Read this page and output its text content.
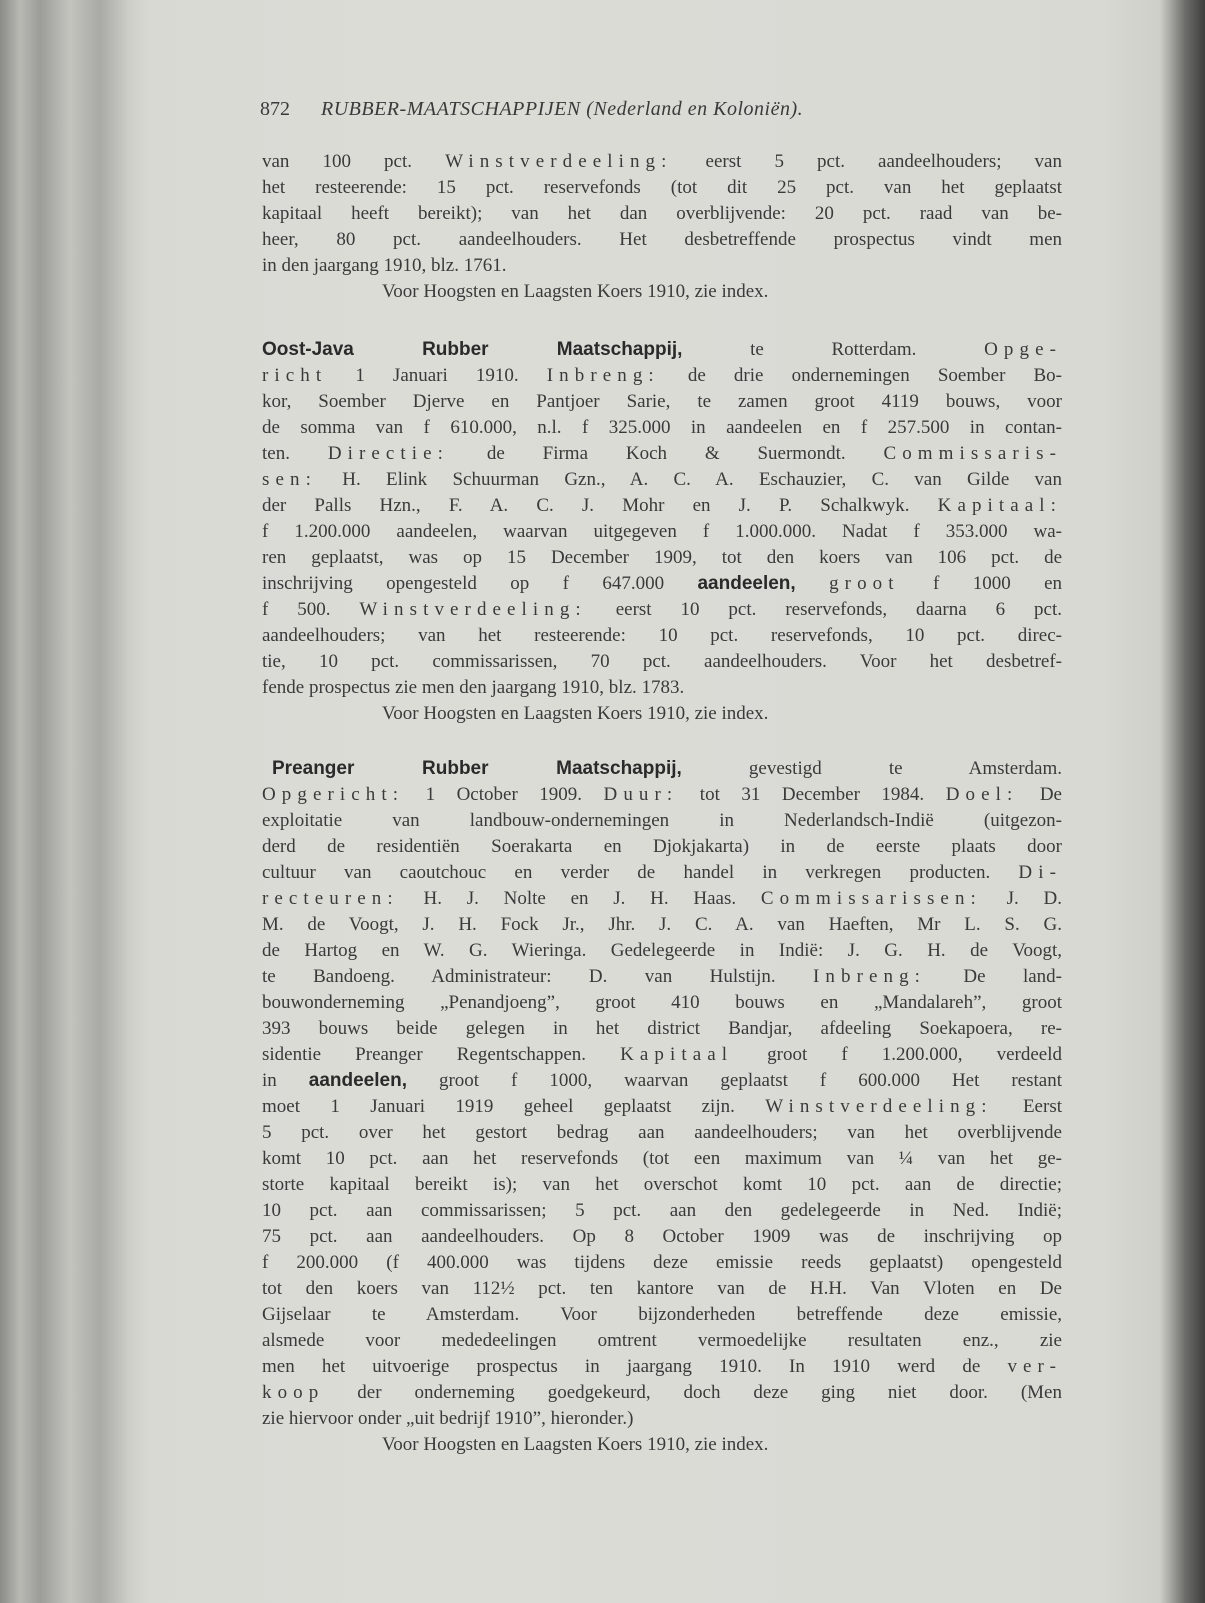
872 RUBBER-MAATSCHAPPIJEN (Nederland en Koloniën).
van 100 pct. Winstverdeeling: eerst 5 pct. aandeelhouders; van
het resteerende: 15 pct. reservefonds (tot dit 25 pct. van het geplaatst
kapitaal heeft bereikt); van het dan overblijvende: 20 pct. raad van be-
heer, 80 pct. aandeelhouders. Het desbetreffende prospectus vindt men
in den jaargang 1910, blz. 1761.
Voor Hoogsten en Laagsten Koers 1910, zie index.
Oost-Java Rubber Maatschappij, te Rotterdam. Opge-
richt 1 Januari 1910. Inbreng: de drie ondernemingen Soember Bo-
kor, Soember Djerve en Pantjoer Sarie, te zamen groot 4119 bouws, voor
de somma van f 610.000, n.l. f 325.000 in aandeelen en f 257.500 in contan-
ten. Directie: de Firma Koch & Suermondt. Commissaris-
sen: H. Elink Schuurman Gzn., A. C. A. Eschauzier, C. van Gilde van
der Palls Hzn., F. A. C. J. Mohr en J. P. Schalkwyk. Kapitaal:
f 1.200.000 aandeelen, waarvan uitgegeven f 1.000.000. Nadat f 353.000 wa-
ren geplaatst, was op 15 December 1909, tot den koers van 106 pct. de
inschrijving opengesteld op f 647.000 aandeelen, groot f 1000 en
f 500. Winstverdeeling: eerst 10 pct. reservefonds, daarna 6 pct.
aandeelhouders; van het resteerende: 10 pct. reservefonds, 10 pct. direc-
tie, 10 pct. commissarissen, 70 pct. aandeelhouders. Voor het desbetref-
fende prospectus zie men den jaargang 1910, blz. 1783.
Voor Hoogsten en Laagsten Koers 1910, zie index.
Preanger Rubber Maatschappij, gevestigd te Amsterdam.
Opgericht: 1 October 1909. Duur: tot 31 December 1984. Doel: De
exploitatie van landbouw-ondernemingen in Nederlandsch-Indië (uitgezon-
derd de residentiën Soerakarta en Djokjakarta) in de eerste plaats door
cultuur van caoutchouc en verder de handel in verkregen producten. Di-
recteuren: H. J. Nolte en J. H. Haas. Commissarissen: J. D.
M. de Voogt, J. H. Fock Jr., Jhr. J. C. A. van Haeften, Mr L. S. G.
de Hartog en W. G. Wieringa. Gedelegeerde in Indië: J. G. H. de Voogt,
te Bandoeng. Administrateur: D. van Hulstijn. Inbreng: De land-
bouwonderneming „Penandjoeng”, groot 410 bouws en „Mandalareh”, groot
393 bouws beide gelegen in het district Bandjar, afdeeling Soekapoera, re-
sidentie Preanger Regentschappen. Kapitaal groot f 1.200.000, verdeeld
in aandeelen, groot f 1000, waarvan geplaatst f 600.000 Het restant
moet 1 Januari 1919 geheel geplaatst zijn. Winstverdeeling: Eerst
5 pct. over het gestort bedrag aan aandeelhouders; van het overblijvende
komt 10 pct. aan het reservefonds (tot een maximum van ¼ van het ge-
storte kapitaal bereikt is); van het overschot komt 10 pct. aan de directie;
10 pct. aan commissarissen; 5 pct. aan den gedelegeerde in Ned. Indië;
75 pct. aan aandeelhouders. Op 8 October 1909 was de inschrijving op
f 200.000 (f 400.000 was tijdens deze emissie reeds geplaatst) opengesteld
tot den koers van 112½ pct. ten kantore van de H.H. Van Vloten en De
Gijselaar te Amsterdam. Voor bijzonderheden betreffende deze emissie,
alsmede voor mededeelingen omtrent vermoedelijke resultaten enz., zie
men het uitvoerige prospectus in jaargang 1910. In 1910 werd de ver-
koop der onderneming goedgekeurd, doch deze ging niet door. (Men
zie hiervoor onder „uit bedrijf 1910”, hieronder.)
Voor Hoogsten en Laagsten Koers 1910, zie index.
